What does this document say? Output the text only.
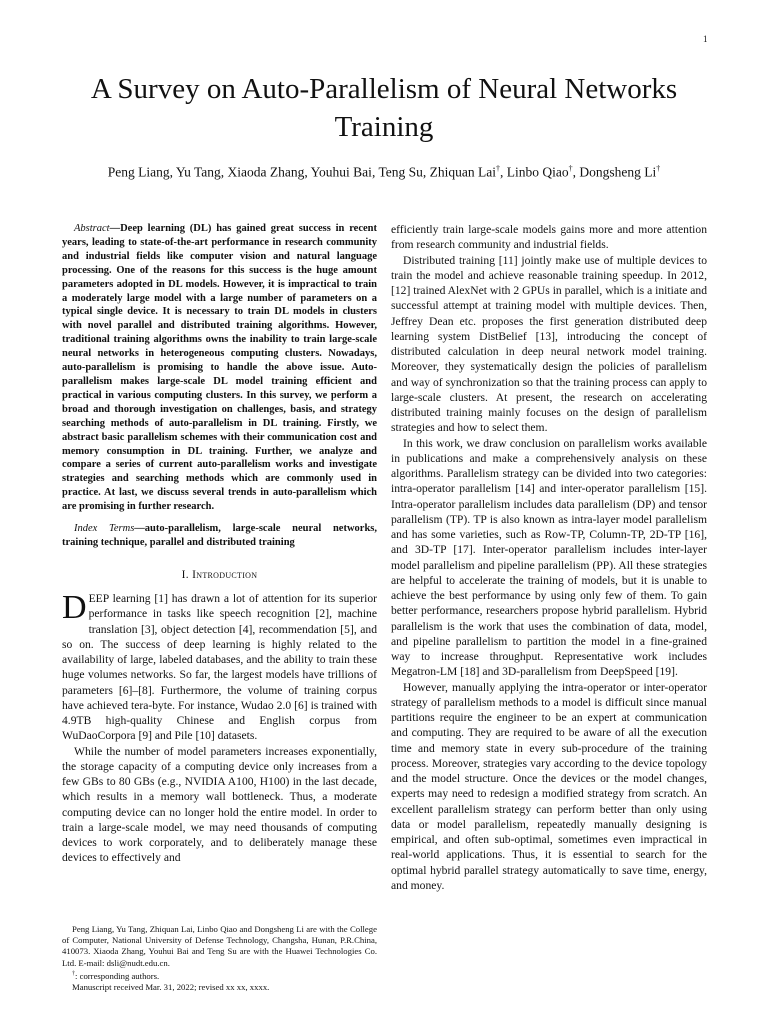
1
A Survey on Auto-Parallelism of Neural Networks Training
Peng Liang, Yu Tang, Xiaoda Zhang, Youhui Bai, Teng Su, Zhiquan Lai†, Linbo Qiao†, Dongsheng Li†

Abstract—Deep learning (DL) has gained great success in recent years, leading to state-of-the-art performance in research community and industrial fields like computer vision and natural language processing. One of the reasons for this success is the huge amount parameters adopted in DL models. However, it is impractical to train a moderately large model with a large number of parameters on a typical single device. It is necessary to train DL models in clusters with novel parallel and distributed training algorithms. However, traditional training algorithms owns the inability to train large-scale neural networks in heterogeneous computing clusters. Nowadays, auto-parallelism is promising to handle the above issue. Auto-parallelism makes large-scale DL model training efficient and practical in various computing clusters. In this survey, we perform a broad and thorough investigation on challenges, basis, and strategy searching methods of auto-parallelism in DL training. Firstly, we abstract basic parallelism schemes with their communication cost and memory consumption in DL training. Further, we analyze and compare a series of current auto-parallelism works and investigate strategies and searching methods which are commonly used in practice. At last, we discuss several trends in auto-parallelism which are promising in further research.

Index Terms—auto-parallelism, large-scale neural networks, training technique, parallel and distributed training

I. Introduction

DEEP learning [1] has drawn a lot of attention for its superior performance in tasks like speech recognition [2], machine translation [3], object detection [4], recommendation [5], and so on. The success of deep learning is highly related to the availability of large, labeled databases, and the ability to train these huge volumes networks. So far, the largest models have trillions of parameters [6]–[8]. Furthermore, the volume of training corpus have achieved tera-byte. For instance, Wudao 2.0 [6] is trained with 4.9TB high-quality Chinese and English corpus from WuDaoCorpora [9] and Pile [10] datasets.

While the number of model parameters increases exponentially, the storage capacity of a computing device only increases from a few GBs to 80 GBs (e.g., NVIDIA A100, H100) in the last decade, which results in a memory wall bottleneck. Thus, a moderate computing device can no longer hold the entire model. In order to train a large-scale model, we may need thousands of computing devices to work corporately, and to deliberately manage these devices to effectively and

Peng Liang, Yu Tang, Zhiquan Lai, Linbo Qiao and Dongsheng Li are with the College of Computer, National University of Defense Technology, Changsha, Hunan, P.R.China, 410073. Xiaoda Zhang, Youhui Bai and Teng Su are with the Huawei Technologies Co. Ltd. E-mail: dsli@nudt.edu.cn.

†: corresponding authors.

Manuscript received Mar. 31, 2022; revised xx xx, xxxx.

efficiently train large-scale models gains more and more attention from research community and industrial fields.

Distributed training [11] jointly make use of multiple devices to train the model and achieve reasonable training speedup. In 2012, [12] trained AlexNet with 2 GPUs in parallel, which is a initiate and successful attempt at training model with multiple devices. Then, Jeffrey Dean etc. proposes the first generation distributed deep learning system DistBelief [13], introducing the concept of distributed calculation in deep neural network model training. Moreover, they systematically design the policies of parallelism and way of synchronization so that the training process can apply to large-scale clusters. At present, the research on accelerating distributed training mainly focuses on the design of parallelism strategies and how to select them.

In this work, we draw conclusion on parallelism works available in publications and make a comprehensively analysis on these algorithms. Parallelism strategy can be divided into two categories: intra-operator parallelism [14] and inter-operator parallelism [15]. Intra-operator parallelism includes data parallelism (DP) and tensor parallelism (TP). TP is also known as intra-layer model parallelism and has some varieties, such as Row-TP, Column-TP, 2D-TP [16], and 3D-TP [17]. Inter-operator parallelism includes inter-layer model parallelism and pipeline parallelism (PP). All these strategies are helpful to accelerate the training of models, but it is unable to achieve the best performance by using only few of them. To gain better performance, researchers propose hybrid parallelism. Hybrid parallelism is the work that uses the combination of data, model, and pipeline parallelism to partition the model in a fine-grained way to increase throughput. Representative work includes Megatron-LM [18] and 3D-parallelism from DeepSpeed [19].

However, manually applying the intra-operator or inter-operator strategy of parallelism methods to a model is difficult since manual partitions require the engineer to be an expert at communication and computing. They are required to be aware of all the execution time and memory state in every sub-procedure of the training process. Moreover, strategies vary according to the device topology and the model structure. Once the devices or the model changes, experts may need to redesign a modified strategy from scratch. An excellent parallelism strategy can perform better than only using data or model parallelism, repeatedly manually designing is empirical, and often sub-optimal, sometimes even impractical in real-world applications. Thus, it is essential to search for the optimal hybrid parallel strategy automatically to save time, energy, and money.
